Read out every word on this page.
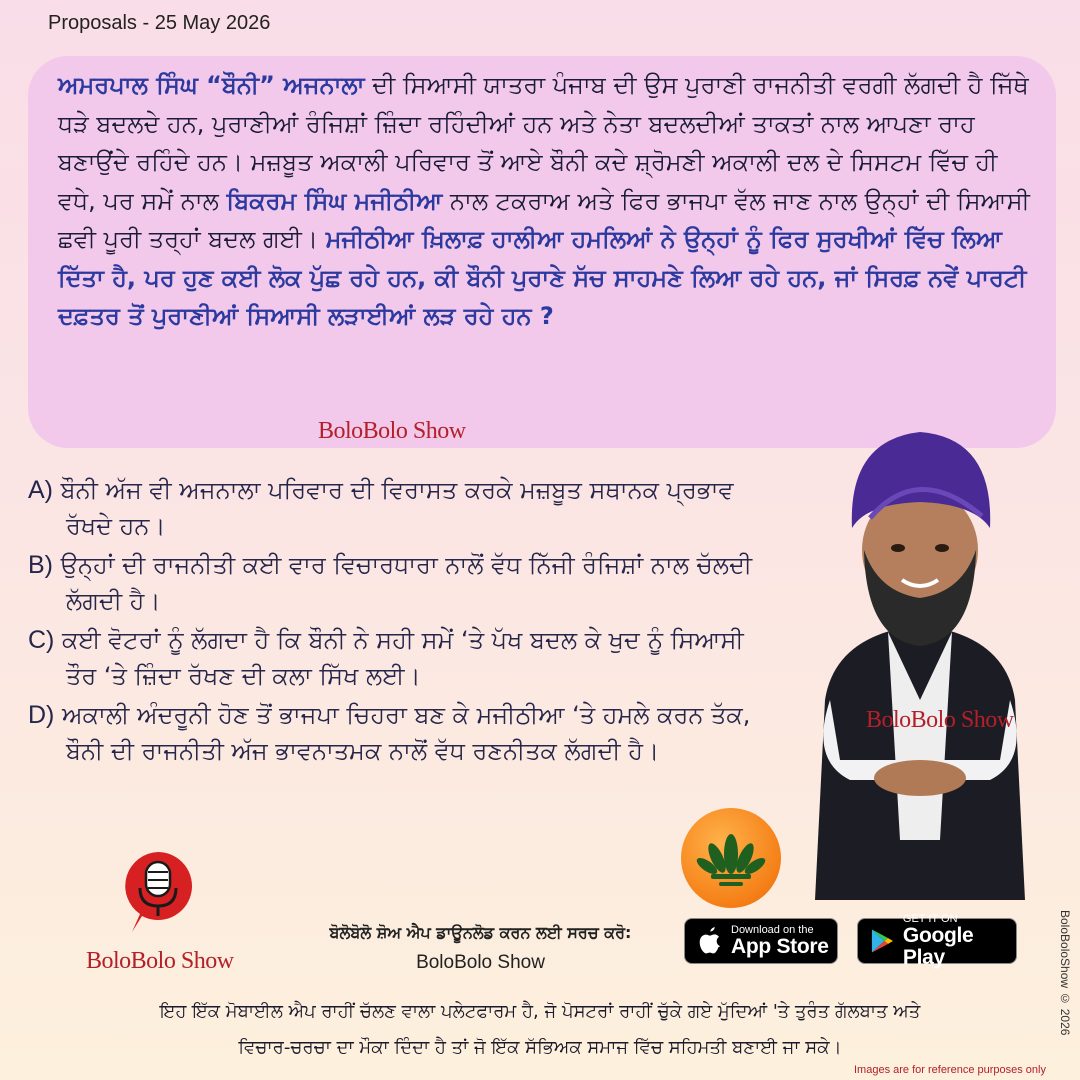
Proposals - 25 May 2026
ਅਮਰਪਾਲ ਸਿੰਘ “ਬੌਨੀ” ਅਜਨਾਲਾ ਦੀ ਸਿਆਸੀ ਯਾਤਰਾ ਪੰਜਾਬ ਦੀ ਉਸ ਪੁਰਾਣੀ ਰਾਜਨੀਤੀ ਵਰਗੀ ਲੱਗਦੀ ਹੈ ਜਿੱਥੇ ਧੜੇ ਬਦਲਦੇ ਹਨ, ਪੁਰਾਣੀਆਂ ਰੰਜਿਸ਼ਾਂ ਜ਼ਿੰਦਾ ਰਹਿੰਦੀਆਂ ਹਨ ਅਤੇ ਨੇਤਾ ਬਦਲਦੀਆਂ ਤਾਕਤਾਂ ਨਾਲ ਆਪਣਾ ਰਾਹ ਬਣਾਉਂਦੇ ਰਹਿੰਦੇ ਹਨ। ਮਜ਼ਬੂਤ ਅਕਾਲੀ ਪਰਿਵਾਰ ਤੋਂ ਆਏ ਬੌਨੀ ਕਦੇ ਸ਼੍ਰੋਮਣੀ ਅਕਾਲੀ ਦਲ ਦੇ ਸਿਸਟਮ ਵਿੱਚ ਹੀ ਵਧੇ, ਪਰ ਸਮੇਂ ਨਾਲ ਬਿਕਰਮ ਸਿੰਘ ਮਜੀਠੀਆ ਨਾਲ ਟਕਰਾਅ ਅਤੇ ਫਿਰ ਭਾਜਪਾ ਵੱਲ ਜਾਣ ਨਾਲ ਉਨ੍ਹਾਂ ਦੀ ਸਿਆਸੀ ਛਵੀ ਪੂਰੀ ਤਰ੍ਹਾਂ ਬਦਲ ਗਈ। ਮਜੀਠੀਆ ਖ਼ਿਲਾਫ਼ ਹਾਲੀਆ ਹਮਲਿਆਂ ਨੇ ਉਨ੍ਹਾਂ ਨੂੰ ਫਿਰ ਸੁਰਖੀਆਂ ਵਿੱਚ ਲਿਆ ਦਿੱਤਾ ਹੈ, ਪਰ ਹੁਣ ਕਈ ਲੋਕ ਪੁੱਛ ਰਹੇ ਹਨ, ਕੀ ਬੌਨੀ ਪੁਰਾਣੇ ਸੱਚ ਸਾਹਮਣੇ ਲਿਆ ਰਹੇ ਹਨ, ਜਾਂ ਸਿਰਫ਼ ਨਵੇਂ ਪਾਰਟੀ ਦਫ਼ਤਰ ਤੋਂ ਪੁਰਾਣੀਆਂ ਸਿਆਸੀ ਲੜਾਈਆਂ ਲੜ ਰਹੇ ਹਨ ?
BoloBolo Show
A) ਬੌਨੀ ਅੱਜ ਵੀ ਅਜਨਾਲਾ ਪਰਿਵਾਰ ਦੀ ਵਿਰਾਸਤ ਕਰਕੇ ਮਜ਼ਬੂਤ ਸਥਾਨਕ ਪ੍ਰਭਾਵ ਰੱਖਦੇ ਹਨ।
B) ਉਨ੍ਹਾਂ ਦੀ ਰਾਜਨੀਤੀ ਕਈ ਵਾਰ ਵਿਚਾਰਧਾਰਾ ਨਾਲੋਂ ਵੱਧ ਨਿੱਜੀ ਰੰਜਿਸ਼ਾਂ ਨਾਲ ਚੱਲਦੀ ਲੱਗਦੀ ਹੈ।
C) ਕਈ ਵੋਟਰਾਂ ਨੂੰ ਲੱਗਦਾ ਹੈ ਕਿ ਬੌਨੀ ਨੇ ਸਹੀ ਸਮੇਂ ‘ਤੇ ਪੱਖ ਬਦਲ ਕੇ ਖੁਦ ਨੂੰ ਸਿਆਸੀ ਤੌਰ ‘ਤੇ ਜ਼ਿੰਦਾ ਰੱਖਣ ਦੀ ਕਲਾ ਸਿੱਖ ਲਈ।
D) ਅਕਾਲੀ ਅੰਦਰੂਨੀ ਹੋਣ ਤੋਂ ਭਾਜਪਾ ਚਿਹਰਾ ਬਣ ਕੇ ਮਜੀਠੀਆ ‘ਤੇ ਹਮਲੇ ਕਰਨ ਤੱਕ, ਬੌਨੀ ਦੀ ਰਾਜਨੀਤੀ ਅੱਜ ਭਾਵਨਾਤਮਕ ਨਾਲੋਂ ਵੱਧ ਰਣਨੀਤਕ ਲੱਗਦੀ ਹੈ।
BoloBolo Show
BoloBolo Show
ਬੋਲੋਬੋਲੋ ਸ਼ੋਅ ਐਪ ਡਾਊਨਲੋਡ ਕਰਨ ਲਈ ਸਰਚ ਕਰੋ:
BoloBolo Show
Download on the
App Store
GET IT ON
Google Play
ਇਹ ਇੱਕ ਮੋਬਾਈਲ ਐਪ ਰਾਹੀਂ ਚੱਲਣ ਵਾਲਾ ਪਲੇਟਫਾਰਮ ਹੈ, ਜੋ ਪੋਸਟਰਾਂ ਰਾਹੀਂ ਚੁੱਕੇ ਗਏ ਮੁੱਦਿਆਂ 'ਤੇ ਤੁਰੰਤ ਗੱਲਬਾਤ ਅਤੇ
ਵਿਚਾਰ-ਚਰਚਾ ਦਾ ਮੌਕਾ ਦਿੰਦਾ ਹੈ ਤਾਂ ਜੋ ਇੱਕ ਸੱਭਿਅਕ ਸਮਾਜ ਵਿੱਚ ਸਹਿਮਤੀ ਬਣਾਈ ਜਾ ਸਕੇ।
BoloBoloShow © 2026
Images are for reference purposes only
